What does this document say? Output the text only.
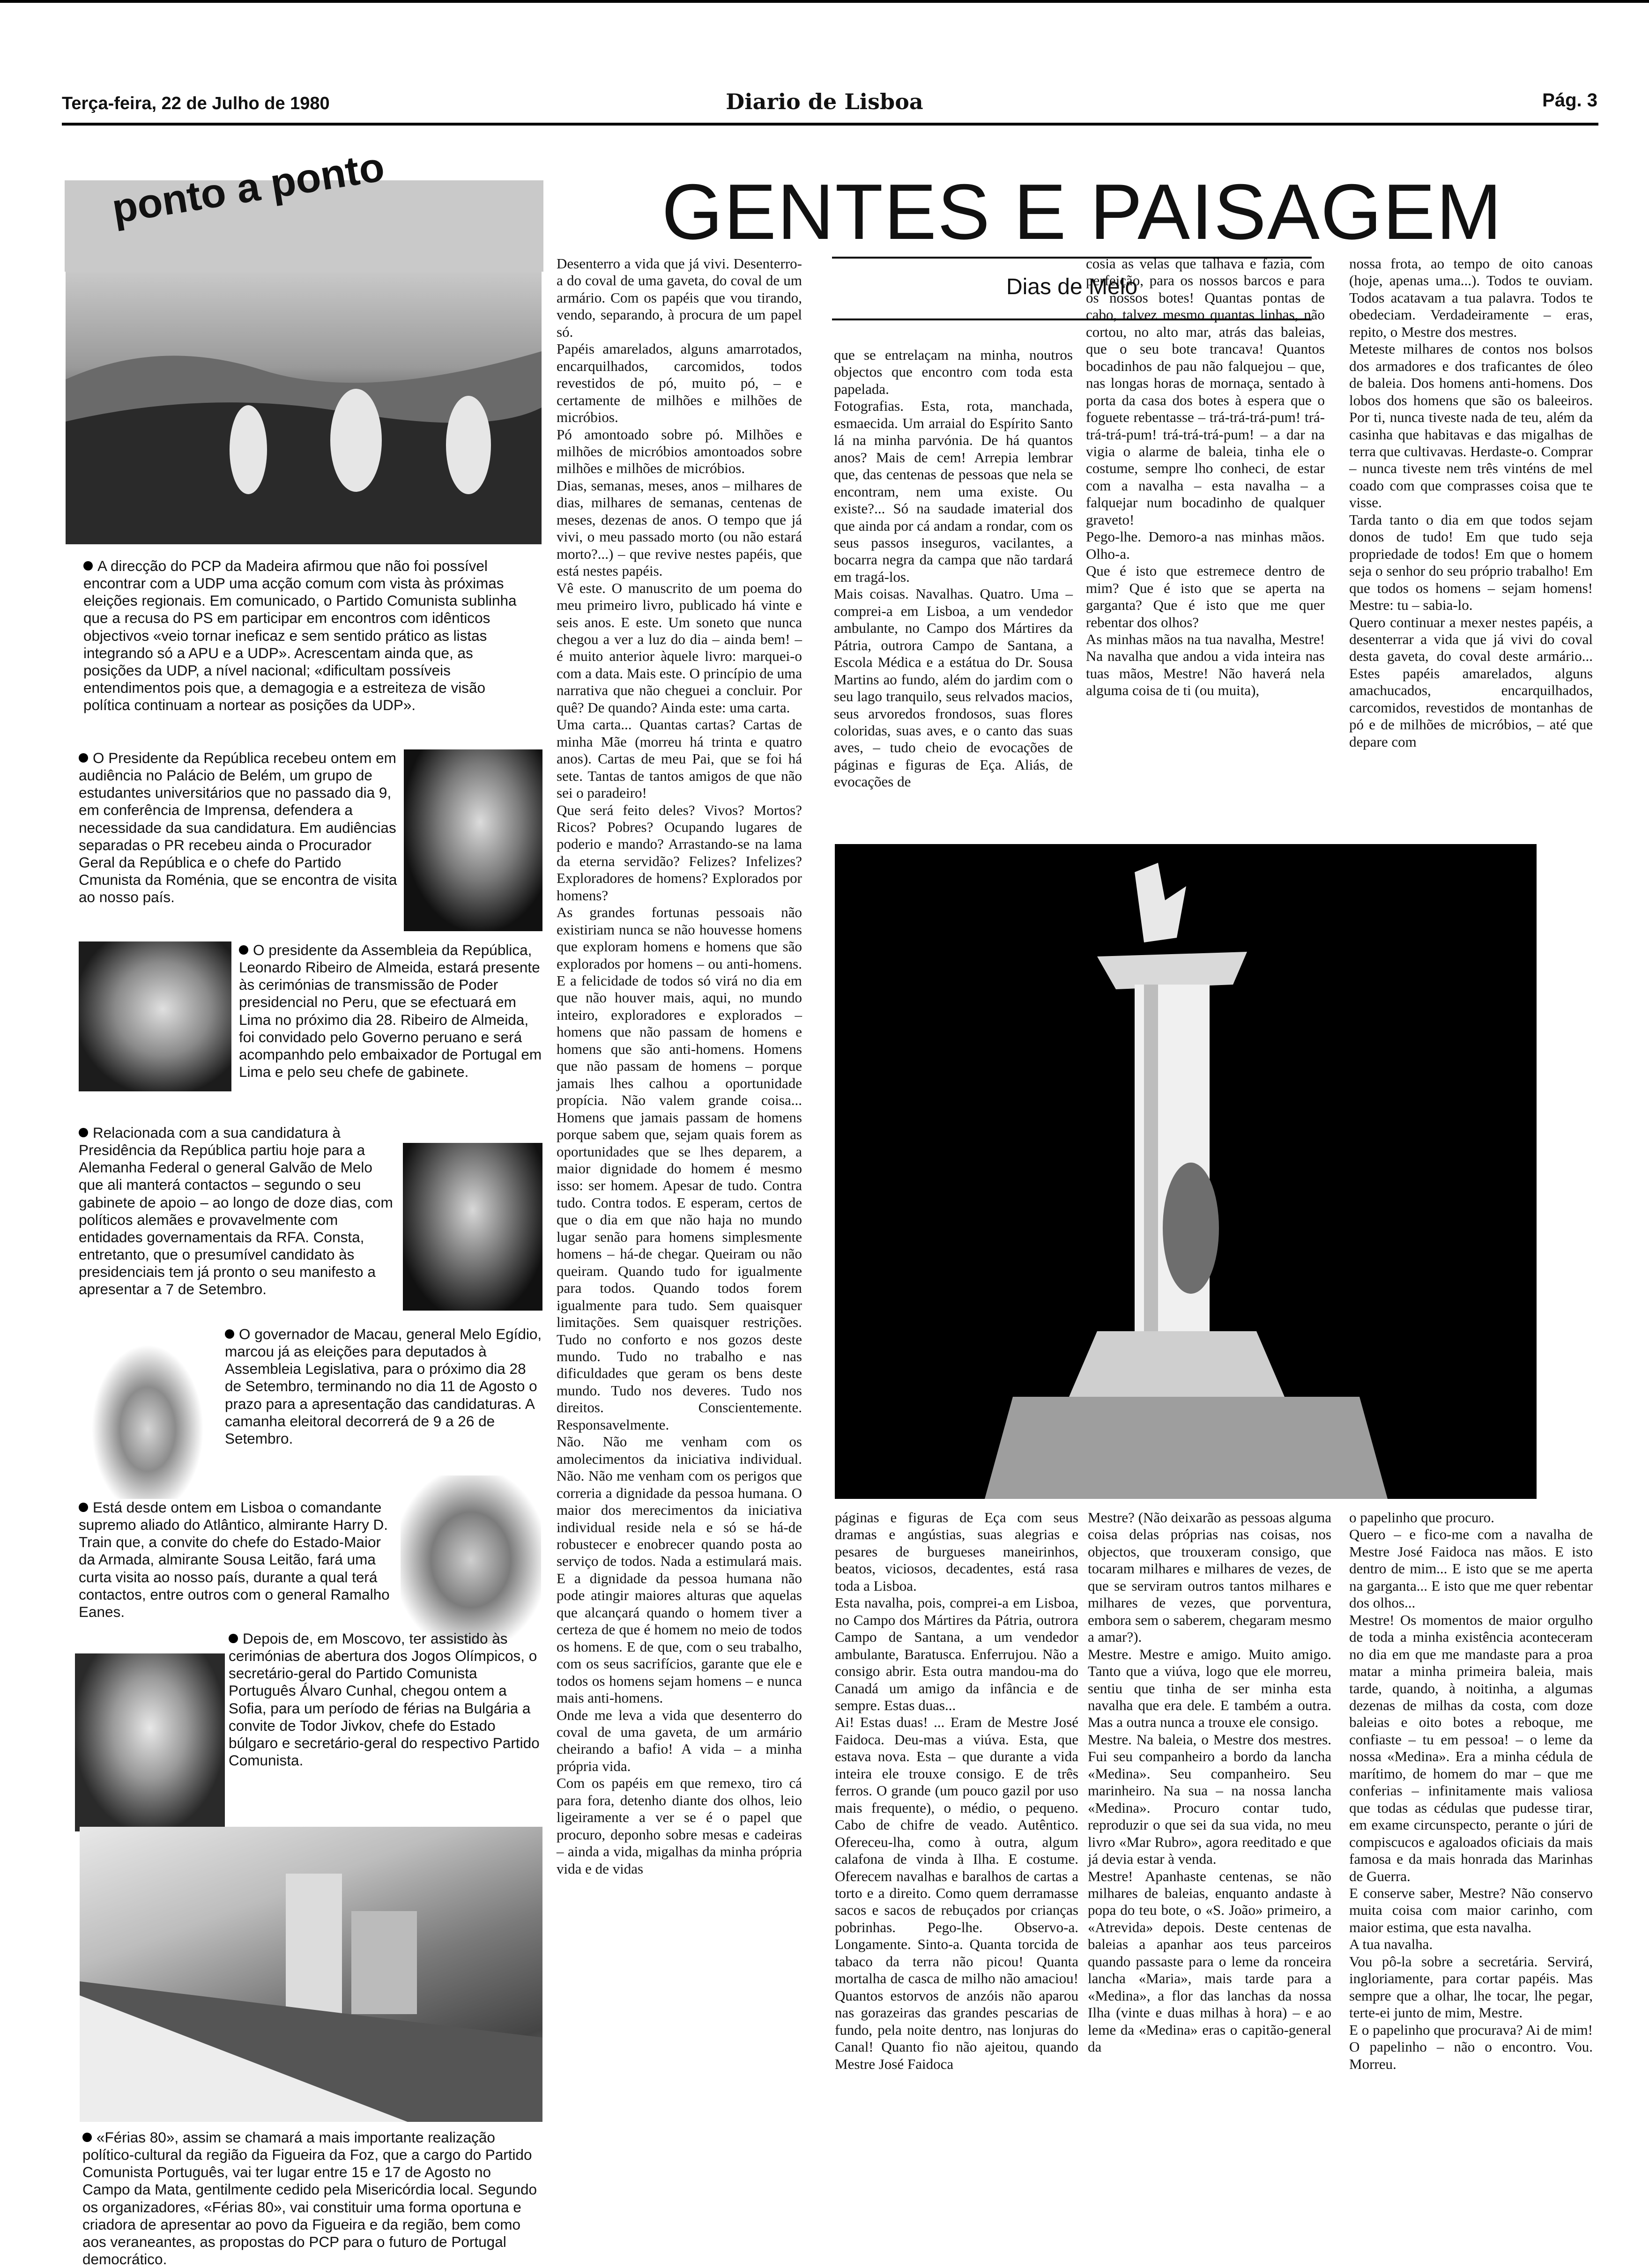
Terça-feira, 22 de Julho de 1980	Diario de Lisboa	Pág. 3
ponto a ponto
A direcção do PCP da Madeira afirmou que não foi possível encontrar com a UDP uma acção comum com vista às próximas eleições regionais. Em comunicado, o Partido Comunista sublinha que a recusa do PS em participar em encontros com idênticos objectivos «veio tornar ineficaz e sem sentido prático as listas integrando só a APU e a UDP». Acrescentam ainda que, as posições da UDP, a nível nacional; «dificultam possíveis entendimentos pois que, a demagogia e a estreiteza de visão política continuam a nortear as posições da UDP».
O Presidente da República recebeu ontem em audiência no Palácio de Belém, um grupo de estudantes universitários que no passado dia 9, em conferência de Imprensa, defendera a necessidade da sua candidatura. Em audiências separadas o PR recebeu ainda o Procurador Geral da República e o chefe do Partido Cmunista da Roménia, que se encontra de visita ao nosso país.
O presidente da Assembleia da República, Leonardo Ribeiro de Almeida, estará presente às cerimónias de transmissão de Poder presidencial no Peru, que se efectuará em Lima no próximo dia 28. Ribeiro de Almeida, foi convidado pelo Governo peruano e será acompanhdo pelo embaixador de Portugal em Lima e pelo seu chefe de gabinete.
Relacionada com a sua candidatura à Presidência da República partiu hoje para a Alemanha Federal o general Galvão de Melo que ali manterá contactos – segundo o seu gabinete de apoio – ao longo de doze dias, com políticos alemães e provavelmente com entidades governamentais da RFA. Consta, entretanto, que o presumível candidato às presidenciais tem já pronto o seu manifesto a apresentar a 7 de Setembro.
O governador de Macau, general Melo Egídio, marcou já as eleições para deputados à Assembleia Legislativa, para o próximo dia 28 de Setembro, terminando no dia 11 de Agosto o prazo para a apresentação das candidaturas. A camanha eleitoral decorrerá de 9 a 26 de Setembro.
Está desde ontem em Lisboa o comandante supremo aliado do Atlântico, almirante Harry D. Train que, a convite do chefe do Estado-Maior da Armada, almirante Sousa Leitão, fará uma curta visita ao nosso país, durante a qual terá contactos, entre outros com o general Ramalho Eanes.
Depois de, em Moscovo, ter assistido às cerimónias de abertura dos Jogos Olímpicos, o secretário-geral do Partido Comunista Português Álvaro Cunhal, chegou ontem a Sofia, para um período de férias na Bulgária a convite de Todor Jivkov, chefe do Estado búlgaro e secretário-geral do respectivo Partido Comunista.
«Férias 80», assim se chamará a mais importante realização político-cultural da região da Figueira da Foz, que a cargo do Partido Comunista Português, vai ter lugar entre 15 e 17 de Agosto no Campo da Mata, gentilmente cedido pela Misericórdia local. Segundo os organizadores, «Férias 80», vai constituir uma forma oportuna e criadora de apresentar ao povo da Figueira e da região, bem como aos veraneantes, as propostas do PCP para o futuro de Portugal democrático.
GENTES E PAISAGEM
Dias de Melo
Desenterro a vida que já vivi. Desenterro-a do coval de uma gaveta, do coval de um armário. Com os papéis que vou tirando, vendo, separando, à procura de um papel só.
Papéis amarelados, alguns amarrotados, encarquilhados, carcomidos, todos revestidos de pó, muito pó, – e certamente de milhões e milhões de micróbios.
Pó amontoado sobre pó. Milhões e milhões de micróbios amontoados sobre milhões e milhões de micróbios.
Dias, semanas, meses, anos – milhares de dias, milhares de semanas, centenas de meses, dezenas de anos. O tempo que já vivi, o meu passado morto (ou não estará morto?...) – que revive nestes papéis, que está nestes papéis.
Vê este. O manuscrito de um poema do meu primeiro livro, publicado há vinte e seis anos. E este. Um soneto que nunca chegou a ver a luz do dia – ainda bem! – é muito anterior àquele livro: marquei-o com a data. Mais este. O princípio de uma narrativa que não cheguei a concluir. Por quê? De quando? Ainda este: uma carta.
Uma carta... Quantas cartas? Cartas de minha Mãe (morreu há trinta e quatro anos). Cartas de meu Pai, que se foi há sete. Tantas de tantos amigos de que não sei o paradeiro!
Que será feito deles? Vivos? Mortos? Ricos? Pobres? Ocupando lugares de poderio e mando? Arrastando-se na lama da eterna servidão? Felizes? Infelizes? Exploradores de homens? Explorados por homens?
As grandes fortunas pessoais não existiriam nunca se não houvesse homens que exploram homens e homens que são explorados por homens – ou anti-homens. E a felicidade de todos só virá no dia em que não houver mais, aqui, no mundo inteiro, exploradores e explorados – homens que não passam de homens e homens que são anti-homens. Homens que não passam de homens – porque jamais lhes calhou a oportunidade propícia. Não valem grande coisa... Homens que jamais passam de homens porque sabem que, sejam quais forem as oportunidades que se lhes deparem, a maior dignidade do homem é mesmo isso: ser homem. Apesar de tudo. Contra tudo. Contra todos. E esperam, certos de que o dia em que não haja no mundo lugar senão para homens simplesmente homens – há-de chegar. Queiram ou não queiram. Quando tudo for igualmente para todos. Quando todos forem igualmente para tudo. Sem quaisquer limitações. Sem quaisquer restrições. Tudo no conforto e nos gozos deste mundo. Tudo no trabalho e nas dificuldades que geram os bens deste mundo. Tudo nos deveres. Tudo nos direitos. Conscientemente. Responsavelmente.
Não. Não me venham com os amolecimentos da iniciativa individual. Não. Não me venham com os perigos que correria a dignidade da pessoa humana. O maior dos merecimentos da iniciativa individual reside nela e só se há-de robustecer e enobrecer quando posta ao serviço de todos. Nada a estimulará mais. E a dignidade da pessoa humana não pode atingir maiores alturas que aquelas que alcançará quando o homem tiver a certeza de que é homem no meio de todos os homens. E de que, com o seu trabalho, com os seus sacrifícios, garante que ele e todos os homens sejam homens – e nunca mais anti-homens.
Onde me leva a vida que desenterro do coval de uma gaveta, de um armário cheirando a bafio! A vida – a minha própria vida.
Com os papéis em que remexo, tiro cá para fora, detenho diante dos olhos, leio ligeiramente a ver se é o papel que procuro, deponho sobre mesas e cadeiras – ainda a vida, migalhas da minha própria vida e de vidas
que se entrelaçam na minha, noutros objectos que encontro com toda esta papelada.
Fotografias. Esta, rota, manchada, esmaecida. Um arraial do Espírito Santo lá na minha parvónia. De há quantos anos? Mais de cem! Arrepia lembrar que, das centenas de pessoas que nela se encontram, nem uma existe. Ou existe?... Só na saudade imaterial dos que ainda por cá andam a rondar, com os seus passos inseguros, vacilantes, a bocarra negra da campa que não tardará em tragá-los.
Mais coisas. Navalhas. Quatro. Uma – comprei-a em Lisboa, a um vendedor ambulante, no Campo dos Mártires da Pátria, outrora Campo de Santana, a Escola Médica e a estátua do Dr. Sousa Martins ao fundo, além do jardim com o seu lago tranquilo, seus relvados macios, seus arvoredos frondosos, suas flores coloridas, suas aves, e o canto das suas aves, – tudo cheio de evocações de páginas e figuras de Eça. Aliás, de evocações de
cosia as velas que talhava e fazia, com perfeição, para os nossos barcos e para os nossos botes! Quantas pontas de cabo, talvez mesmo quantas linhas, não cortou, no alto mar, atrás das baleias, que o seu bote trancava! Quantos bocadinhos de pau não falquejou – que, nas longas horas de mornaça, sentado à porta da casa dos botes à espera que o foguete rebentasse – trá-trá-trá-pum! trá-trá-trá-pum! trá-trá-trá-pum! – a dar na vigia o alarme de baleia, tinha ele o costume, sempre lho conheci, de estar com a navalha – esta navalha – a falquejar num bocadinho de qualquer graveto!
Pego-lhe. Demoro-a nas minhas mãos. Olho-a.
Que é isto que estremece dentro de mim? Que é isto que se aperta na garganta? Que é isto que me quer rebentar dos olhos?
As minhas mãos na tua navalha, Mestre! Na navalha que andou a vida inteira nas tuas mãos, Mestre! Não haverá nela alguma coisa de ti (ou muita),
nossa frota, ao tempo de oito canoas (hoje, apenas uma...). Todos te ouviam. Todos acatavam a tua palavra. Todos te obedeciam. Verdadeiramente – eras, repito, o Mestre dos mestres.
Meteste milhares de contos nos bolsos dos armadores e dos traficantes de óleo de baleia. Dos homens anti-homens. Dos lobos dos homens que são os baleeiros. Por ti, nunca tiveste nada de teu, além da casinha que habitavas e das migalhas de terra que cultivavas. Herdaste-o. Comprar – nunca tiveste nem três vinténs de mel coado com que comprasses coisa que te visse.
Tarda tanto o dia em que todos sejam donos de tudo! Em que tudo seja propriedade de todos! Em que o homem seja o senhor do seu próprio trabalho! Em que todos os homens – sejam homens! Mestre: tu – sabia-lo.
Quero continuar a mexer nestes papéis, a desenterrar a vida que já vivi do coval desta gaveta, do coval deste armário... Estes papéis amarelados, alguns amachucados, encarquilhados, carcomidos, revestidos de montanhas de pó e de milhões de micróbios, – até que depare com
páginas e figuras de Eça com seus dramas e angústias, suas alegrias e pesares de burgueses maneirinhos, beatos, viciosos, decadentes, está rasa toda a Lisboa.
Esta navalha, pois, comprei-a em Lisboa, no Campo dos Mártires da Pátria, outrora Campo de Santana, a um vendedor ambulante, Baratusca. Enferrujou. Não a consigo abrir. Esta outra mandou-ma do Canadá um amigo da infância e de sempre. Estas duas...
Ai! Estas duas! ... Eram de Mestre José Faidoca. Deu-mas a viúva. Esta, que estava nova. Esta – que durante a vida inteira ele trouxe consigo. E de três ferros. O grande (um pouco gazil por uso mais frequente), o médio, o pequeno. Cabo de chifre de veado. Autêntico. Ofereceu-lha, como à outra, algum calafona de vinda à Ilha. E costume. Oferecem navalhas e baralhos de cartas a torto e a direito. Como quem derramasse sacos e sacos de rebuçados por crianças pobrinhas. Pego-lhe. Observo-a. Longamente. Sinto-a. Quanta torcida de tabaco da terra não picou! Quanta mortalha de casca de milho não amaciou! Quantos estorvos de anzóis não aparou nas gorazeiras das grandes pescarias de fundo, pela noite dentro, nas lonjuras do Canal! Quanto fio não ajeitou, quando Mestre José Faidoca
Mestre? (Não deixarão as pessoas alguma coisa delas próprias nas coisas, nos objectos, que trouxeram consigo, que tocaram milhares e milhares de vezes, de que se serviram outros tantos milhares e milhares de vezes, que porventura, embora sem o saberem, chegaram mesmo a amar?).
Mestre. Mestre e amigo. Muito amigo. Tanto que a viúva, logo que ele morreu, sentiu que tinha de ser minha esta navalha que era dele. E também a outra. Mas a outra nunca a trouxe ele consigo.
Mestre. Na baleia, o Mestre dos mestres. Fui seu companheiro a bordo da lancha «Medina». Seu companheiro. Seu marinheiro. Na sua – na nossa lancha «Medina». Procuro contar tudo, reproduzir o que sei da sua vida, no meu livro «Mar Rubro», agora reeditado e que já devia estar à venda.
Mestre! Apanhaste centenas, se não milhares de baleias, enquanto andaste à popa do teu bote, o «S. João» primeiro, a «Atrevida» depois. Deste centenas de baleias a apanhar aos teus parceiros quando passaste para o leme da ronceira lancha «Maria», mais tarde para a «Medina», a flor das lanchas da nossa Ilha (vinte e duas milhas à hora) – e ao leme da «Medina» eras o capitão-general da
o papelinho que procuro.
Quero – e fico-me com a navalha de Mestre José Faidoca nas mãos. E isto dentro de mim... E isto que se me aperta na garganta... E isto que me quer rebentar dos olhos...
Mestre! Os momentos de maior orgulho de toda a minha existência aconteceram no dia em que me mandaste para a proa matar a minha primeira baleia, mais tarde, quando, à noitinha, a algumas dezenas de milhas da costa, com doze baleias e oito botes a reboque, me confiaste – tu em pessoa! – o leme da nossa «Medina». Era a minha cédula de marítimo, de homem do mar – que me conferias – infinitamente mais valiosa que todas as cédulas que pudesse tirar, em exame circunspecto, perante o júri de compiscucos e agaloados oficiais da mais famosa e da mais honrada das Marinhas de Guerra.
E conserve saber, Mestre? Não conservo muita coisa com maior carinho, com maior estima, que esta navalha.
A tua navalha.
Vou pô-la sobre a secretária. Servirá, ingloriamente, para cortar papéis. Mas sempre que a olhar, lhe tocar, lhe pegar, terte-ei junto de mim, Mestre.
E o papelinho que procurava? Ai de mim! O papelinho – não o encontro. Vou. Morreu.
